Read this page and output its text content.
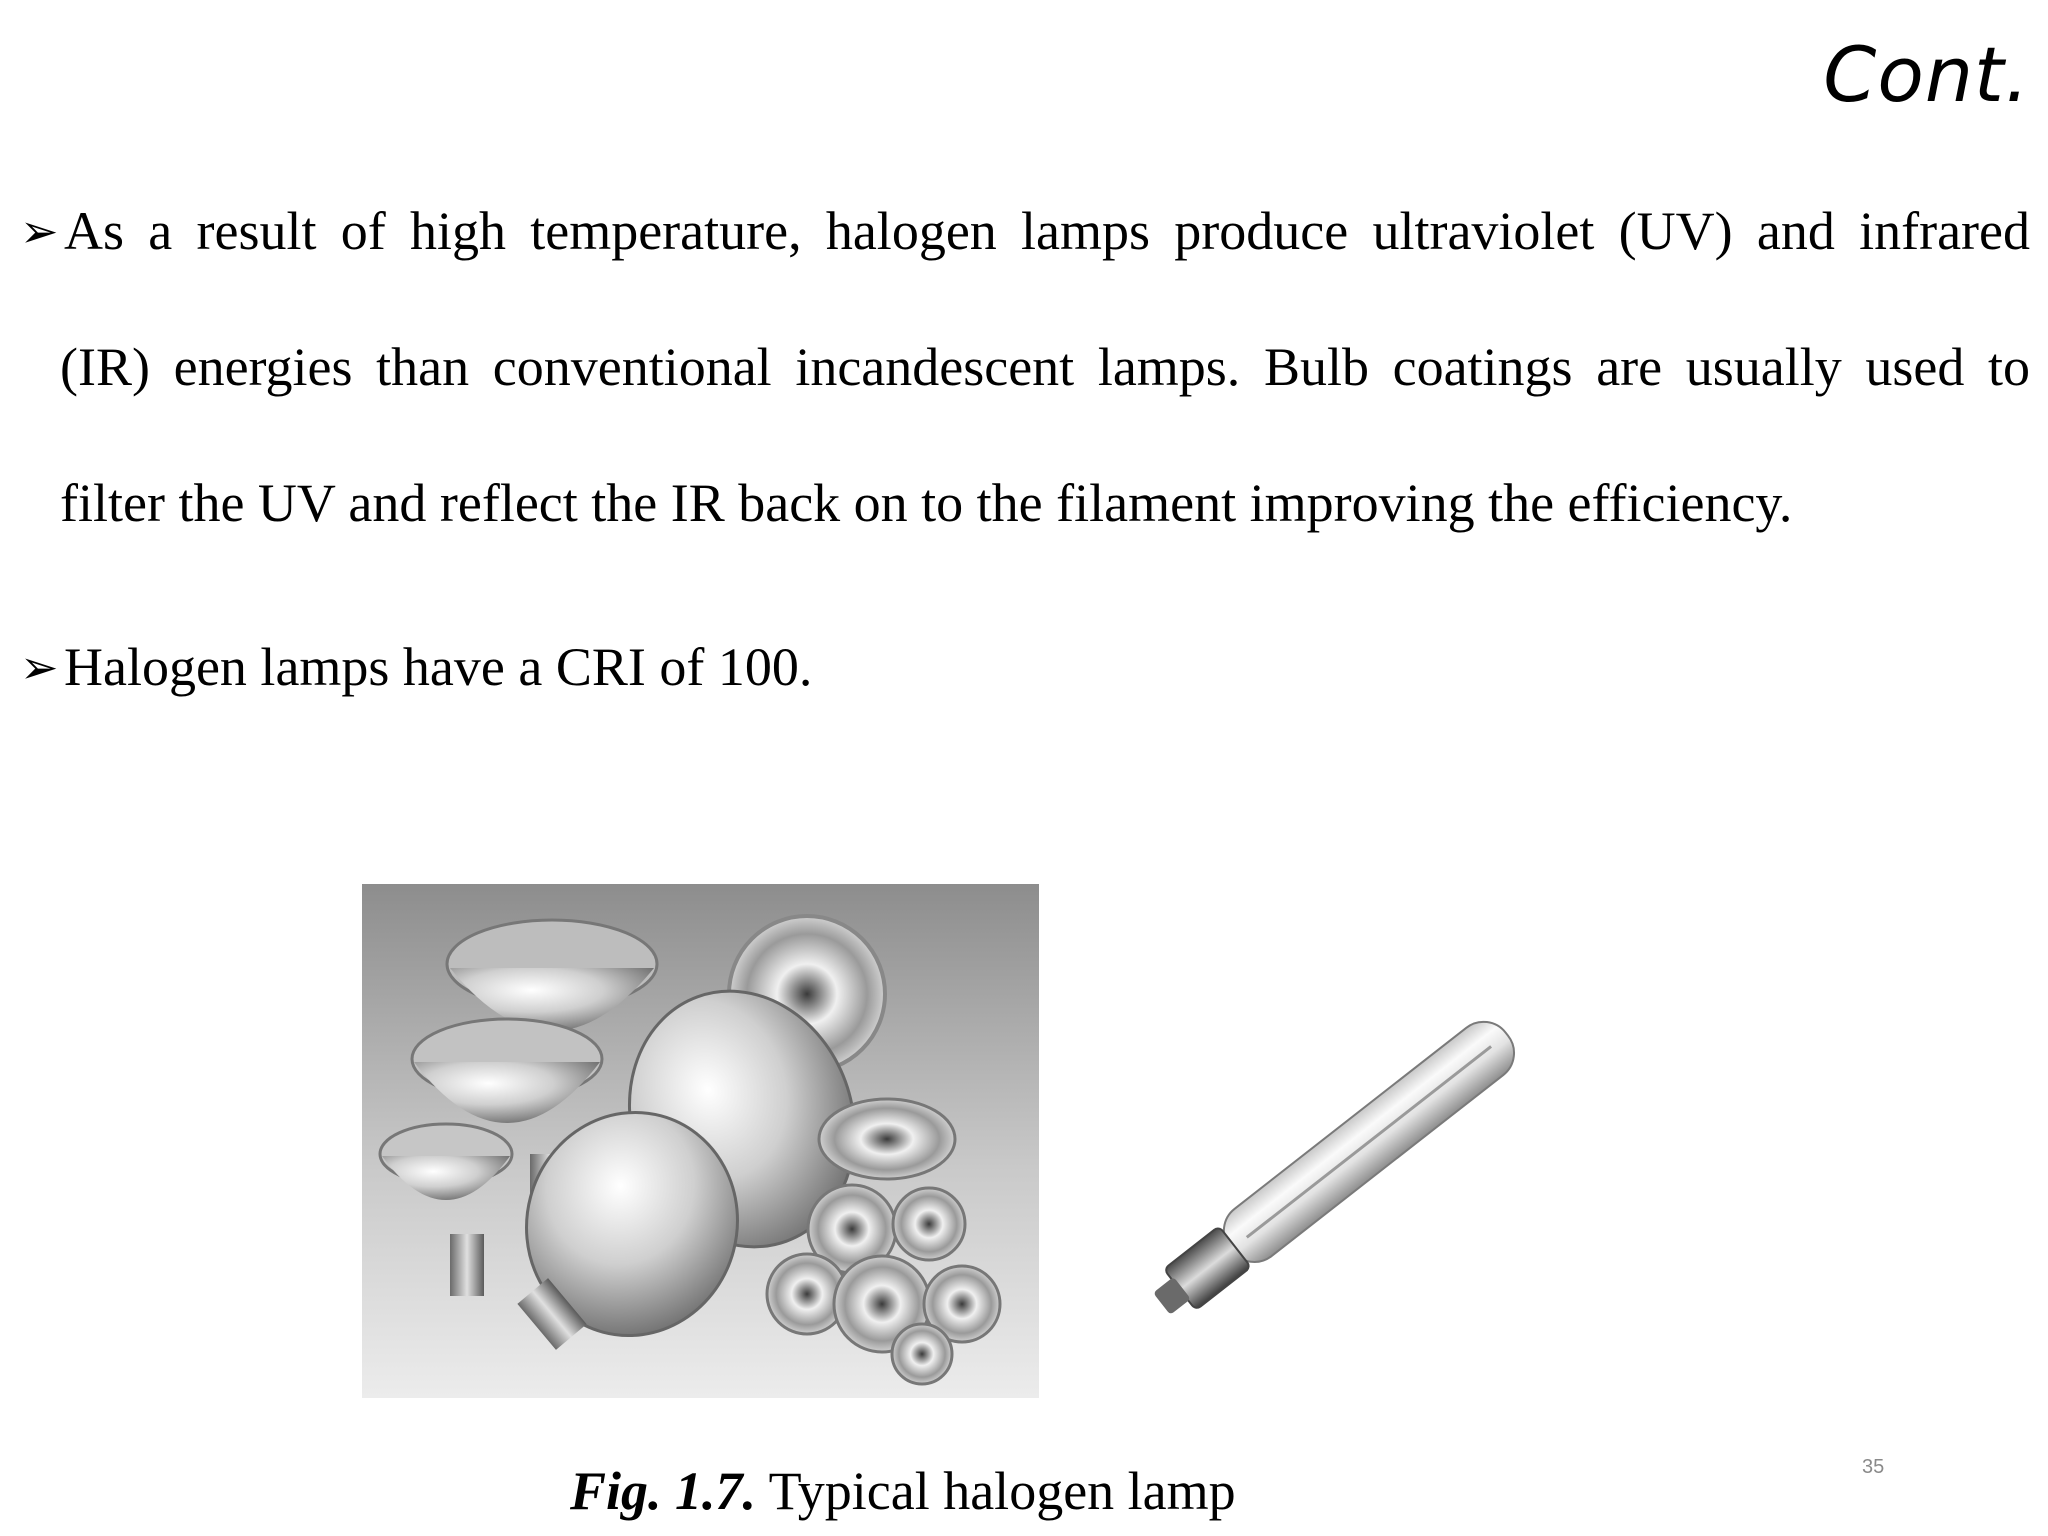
Cont.
➢ As a result of high temperature, halogen lamps produce ultraviolet (UV) and infrared
(IR) energies than conventional incandescent lamps. Bulb coatings are usually used to
filter the UV and reflect the IR back on to the filament improving the efficiency.
➢ Halogen lamps have a CRI of 100.
Fig. 1.7. Typical halogen lamp	35
